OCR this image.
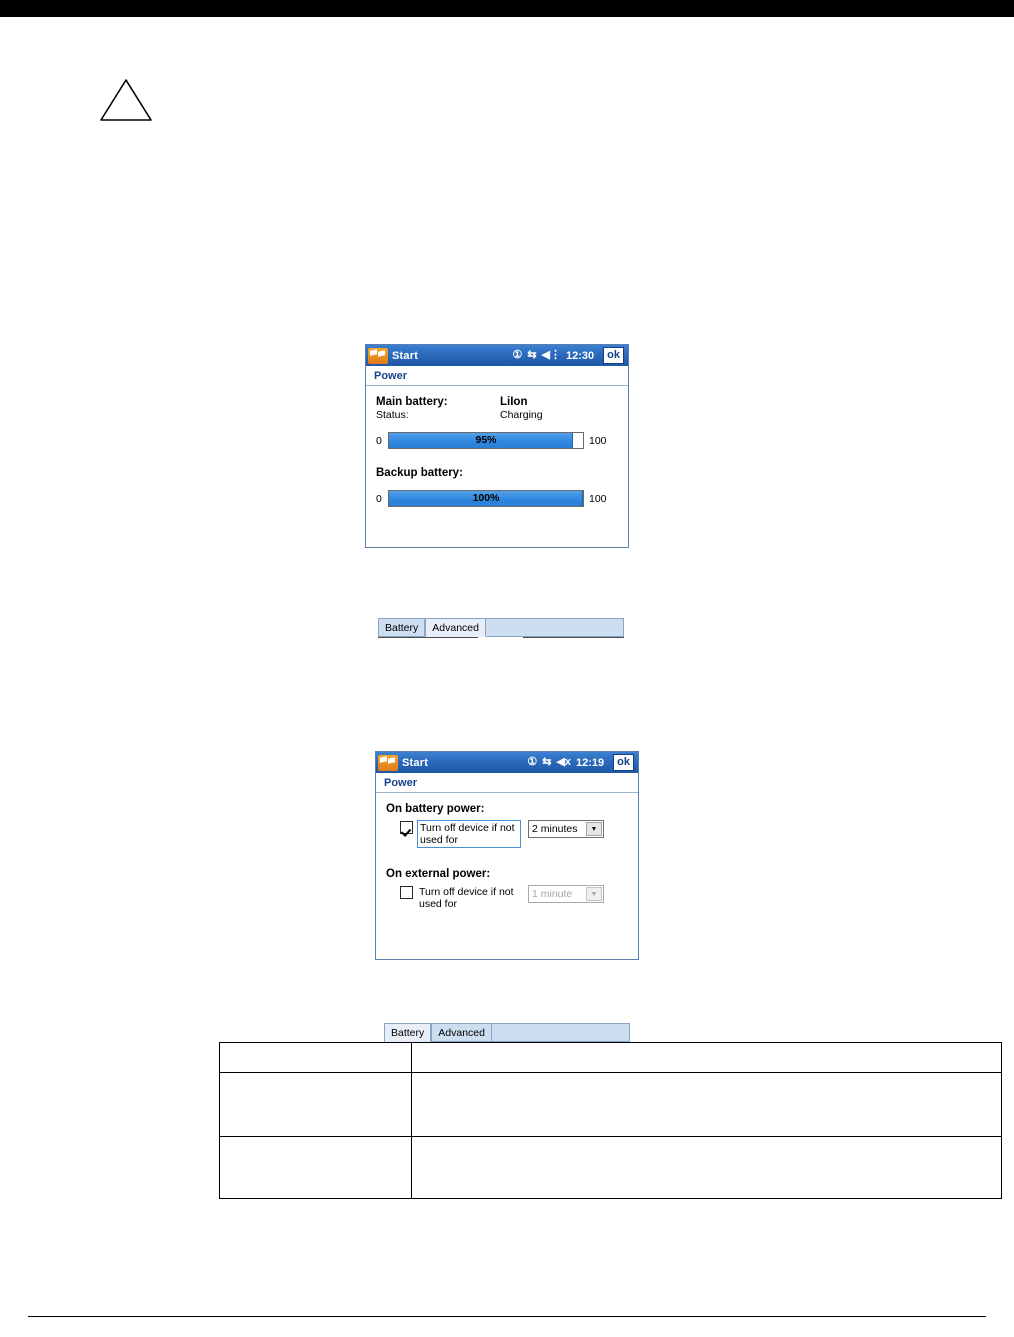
Start	① ⇆ ◀⋮ 12:30	ok
Power
Main battery:	LiIon
Status:	Charging
0	95%	100
Backup battery:
0	100%	100
Battery	Advanced
Start	① ⇆ ◀x 12:19	ok
Power
On battery power:
Turn off device if not used for
2 minutes	▼
On external power:
Turn off device if not used for
1 minute	▼
Battery	Advanced
